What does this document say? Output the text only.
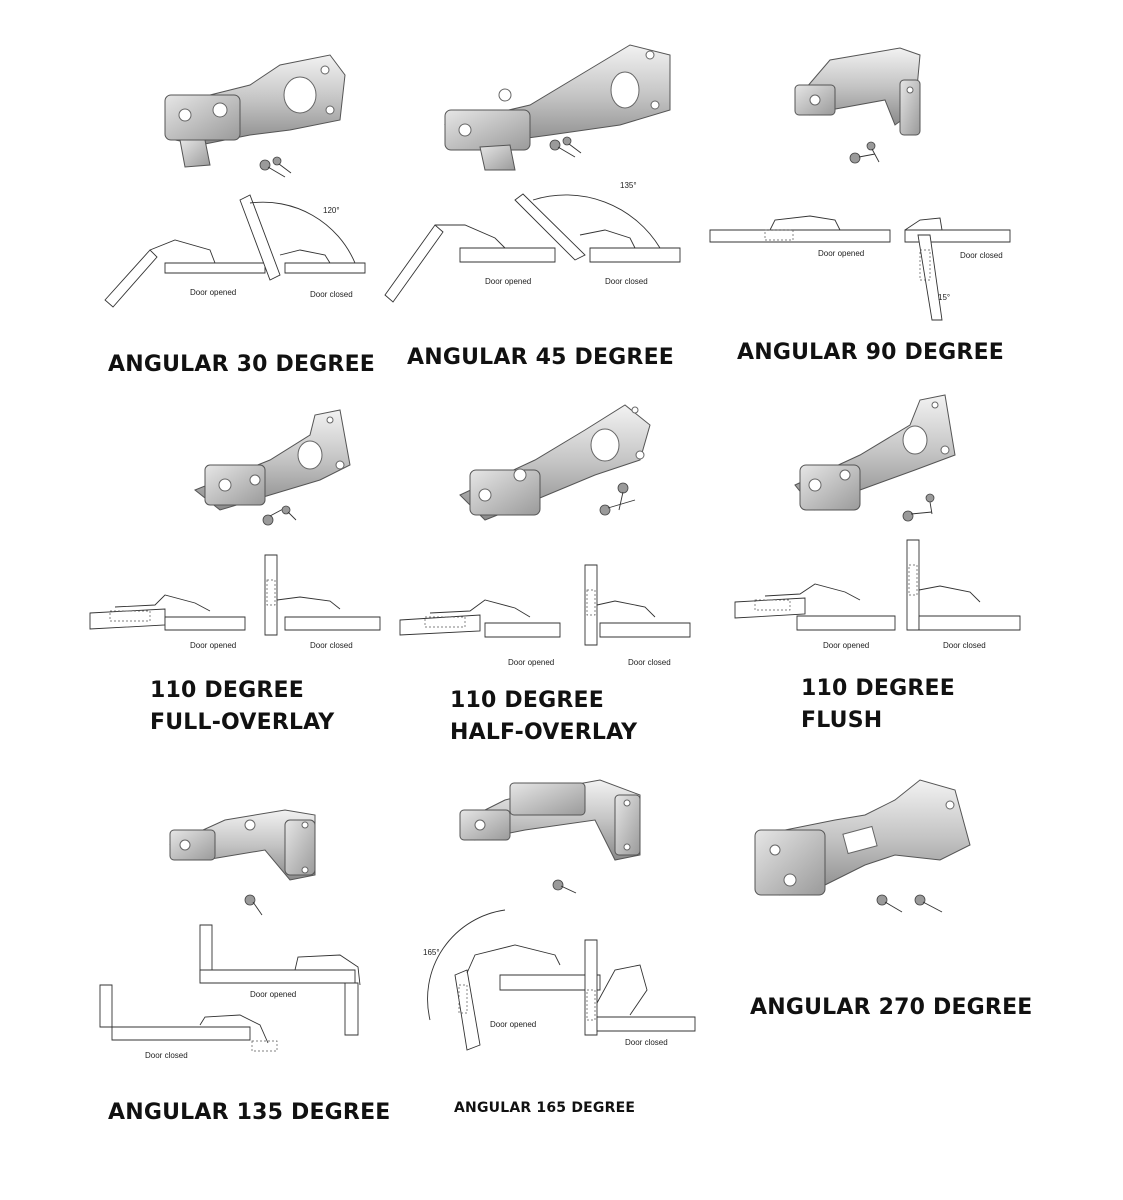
120°
Door opened	Door closed
ANGULAR 30 DEGREE
135°
Door opened	Door closed
ANGULAR 45 DEGREE
15°
Door opened	Door closed
ANGULAR 90 DEGREE
Door opened	Door closed
110 DEGREE
FULL-OVERLAY
Door opened	Door closed
110 DEGREE
HALF-OVERLAY
Door opened	Door closed
110 DEGREE
FLUSH
Door opened
Door closed
ANGULAR 135 DEGREE
165°
Door opened
Door closed
ANGULAR 165 DEGREE
ANGULAR 270 DEGREE
